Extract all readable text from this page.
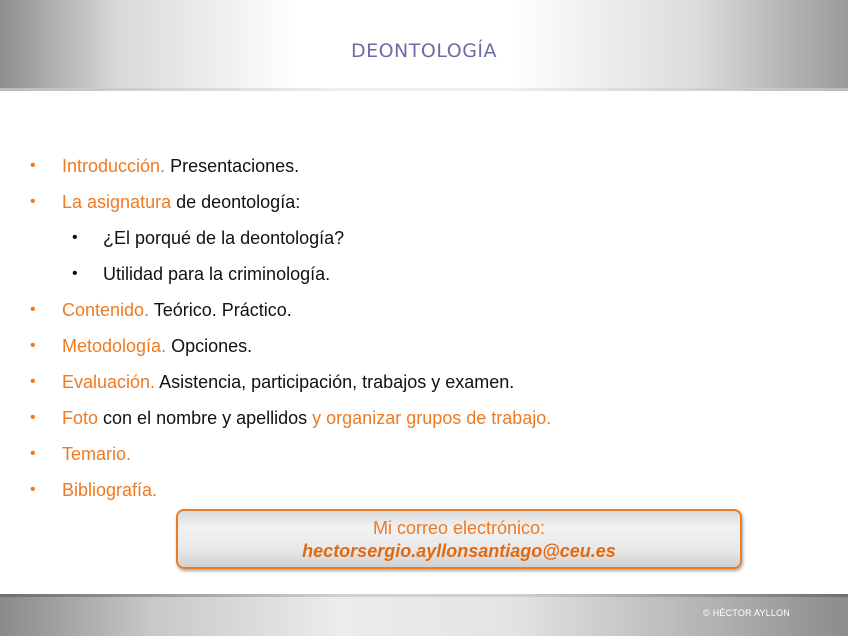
DEONTOLOGÍA
•	Introducción. Presentaciones.
•	La asignatura de deontología:
•	¿El porqué de la deontología?
•	Utilidad para la criminología.
•	Contenido. Teórico. Práctico.
•	Metodología. Opciones.
•	Evaluación. Asistencia, participación, trabajos y examen.
•	Foto con el nombre y apellidos y organizar grupos de trabajo.
•	Temario.
•	Bibliografía.
Mi correo electrónico:
hectorsergio.ayllonsantiago@ceu.es
© HÉCTOR AYLLON
